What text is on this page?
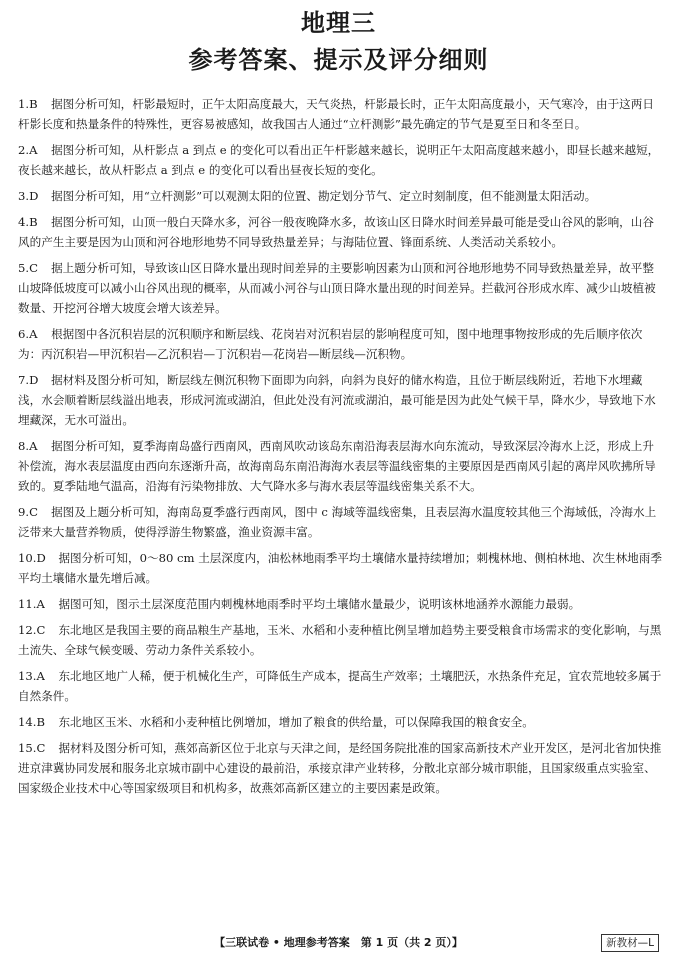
地理三
参考答案、提示及评分细则
1.B 据图分析可知，杆影最短时，正午太阳高度最大，天气炎热，杆影最长时，正午太阳高度最小，天气寒冷，由于这两日杆影长度和热量条件的特殊性，更容易被感知，故我国古人通过“立杆测影”最先确定的节气是夏至日和冬至日。
2.A 据图分析可知，从杆影点 a 到点 e 的变化可以看出正午杆影越来越长，说明正午太阳高度越来越小，即昼长越来越短，夜长越来越长，故从杆影点 a 到点 e 的变化可以看出昼夜长短的变化。
3.D 据图分析可知，用“立杆测影”可以观测太阳的位置、勘定划分节气、定立时刻制度，但不能测量太阳活动。
4.B 据图分析可知，山顶一般白天降水多，河谷一般夜晚降水多，故该山区日降水时间差异最可能是受山谷风的影响，山谷风的产生主要是因为山顶和河谷地形地势不同导致热量差异；与海陆位置、锋面系统、人类活动关系较小。
5.C 据上题分析可知，导致该山区日降水量出现时间差异的主要影响因素为山顶和河谷地形地势不同导致热量差异，故平整山坡降低坡度可以减小山谷风出现的概率，从而减小河谷与山顶日降水量出现的时间差异。拦截河谷形成水库、减少山坡植被数量、开挖河谷增大坡度会增大该差异。
6.A 根据图中各沉积岩层的沉积顺序和断层线、花岗岩对沉积岩层的影响程度可知，图中地理事物按形成的先后顺序依次为：丙沉积岩—甲沉积岩—乙沉积岩—丁沉积岩—花岗岩—断层线—沉积物。
7.D 据材料及图分析可知，断层线左侧沉积物下面即为向斜，向斜为良好的储水构造，且位于断层线附近，若地下水埋藏浅，水会顺着断层线溢出地表，形成河流或湖泊，但此处没有河流或湖泊，最可能是因为此处气候干旱，降水少，导致地下水埋藏深，无水可溢出。
8.A 据图分析可知，夏季海南岛盛行西南风，西南风吹动该岛东南沿海表层海水向东流动，导致深层冷海水上泛，形成上升补偿流，海水表层温度由西向东逐渐升高，故海南岛东南沿海海水表层等温线密集的主要原因是西南风引起的离岸风吹拂所导致的。夏季陆地气温高，沿海有污染物排放、大气降水多与海水表层等温线密集关系不大。
9.C 据图及上题分析可知，海南岛夏季盛行西南风，图中 c 海域等温线密集，且表层海水温度较其他三个海域低，冷海水上泛带来大量营养物质，使得浮游生物繁盛，渔业资源丰富。
10.D 据图分析可知，0～80 cm 土层深度内，油松林地雨季平均土壤储水量持续增加；刺槐林地、侧柏林地、次生林地雨季平均土壤储水量先增后减。
11.A 据图可知，图示土层深度范围内刺槐林地雨季时平均土壤储水量最少，说明该林地涵养水源能力最弱。
12.C 东北地区是我国主要的商品粮生产基地，玉米、水稻和小麦种植比例呈增加趋势主要受粮食市场需求的变化影响，与黑土流失、全球气候变暖、劳动力条件关系较小。
13.A 东北地区地广人稀，便于机械化生产，可降低生产成本，提高生产效率；土壤肥沃，水热条件充足，宜农荒地较多属于自然条件。
14.B 东北地区玉米、水稻和小麦种植比例增加，增加了粮食的供给量，可以保障我国的粮食安全。
15.C 据材料及图分析可知，燕郊高新区位于北京与天津之间，是经国务院批准的国家高新技术产业开发区，是河北省加快推进京津冀协同发展和服务北京城市副中心建设的最前沿，承接京津产业转移，分散北京部分城市职能，且国家级重点实验室、国家级企业技术中心等国家级项目和机构多，故燕郊高新区建立的主要因素是政策。
【三联试卷 • 地理参考答案　第 1 页（共 2 页）】	新教材—L
